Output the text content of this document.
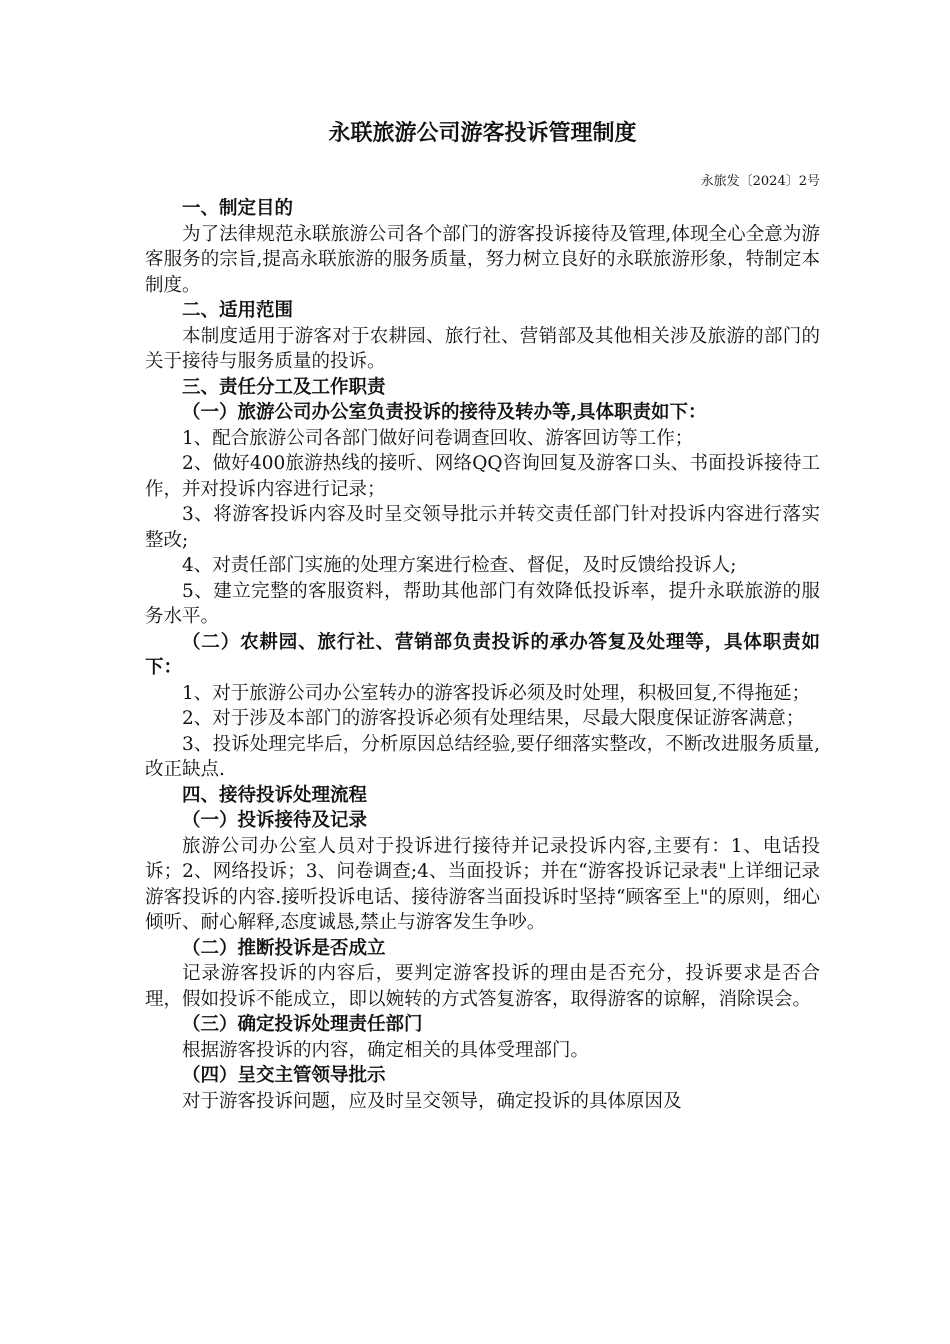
永联旅游公司游客投诉管理制度
永旅发〔2024〕2号

一、制定目的

为了法律规范永联旅游公司各个部门的游客投诉接待及管理,体现全心全意为游客服务的宗旨,提高永联旅游的服务质量，努力树立良好的永联旅游形象，特制定本制度。

二、适用范围

本制度适用于游客对于农耕园、旅行社、营销部及其他相关涉及旅游的部门的关于接待与服务质量的投诉。

三、责任分工及工作职责

（一）旅游公司办公室负责投诉的接待及转办等,具体职责如下：

1、配合旅游公司各部门做好问卷调查回收、游客回访等工作；

2、做好400旅游热线的接听、网络QQ咨询回复及游客口头、书面投诉接待工作，并对投诉内容进行记录；

3、将游客投诉内容及时呈交领导批示并转交责任部门针对投诉内容进行落实整改;

4、对责任部门实施的处理方案进行检查、督促，及时反馈给投诉人;

5、建立完整的客服资料，帮助其他部门有效降低投诉率，提升永联旅游的服务水平。

（二）农耕园、旅行社、营销部负责投诉的承办答复及处理等，具体职责如下：

1、对于旅游公司办公室转办的游客投诉必须及时处理，积极回复,不得拖延；

2、对于涉及本部门的游客投诉必须有处理结果，尽最大限度保证游客满意；

3、投诉处理完毕后，分析原因总结经验,要仔细落实整改，不断改进服务质量,改正缺点.

四、接待投诉处理流程

（一）投诉接待及记录

旅游公司办公室人员对于投诉进行接待并记录投诉内容,主要有：1、电话投诉；2、网络投诉；3、问卷调查;4、当面投诉；并在“游客投诉记录表"上详细记录游客投诉的内容.接听投诉电话、接待游客当面投诉时坚持“顾客至上"的原则，细心倾听、耐心解释,态度诚恳,禁止与游客发生争吵。

（二）推断投诉是否成立

记录游客投诉的内容后，要判定游客投诉的理由是否充分，投诉要求是否合理，假如投诉不能成立，即以婉转的方式答复游客，取得游客的谅解，消除误会。

（三）确定投诉处理责任部门

根据游客投诉的内容，确定相关的具体受理部门。

（四）呈交主管领导批示

对于游客投诉问题，应及时呈交领导，确定投诉的具体原因及
